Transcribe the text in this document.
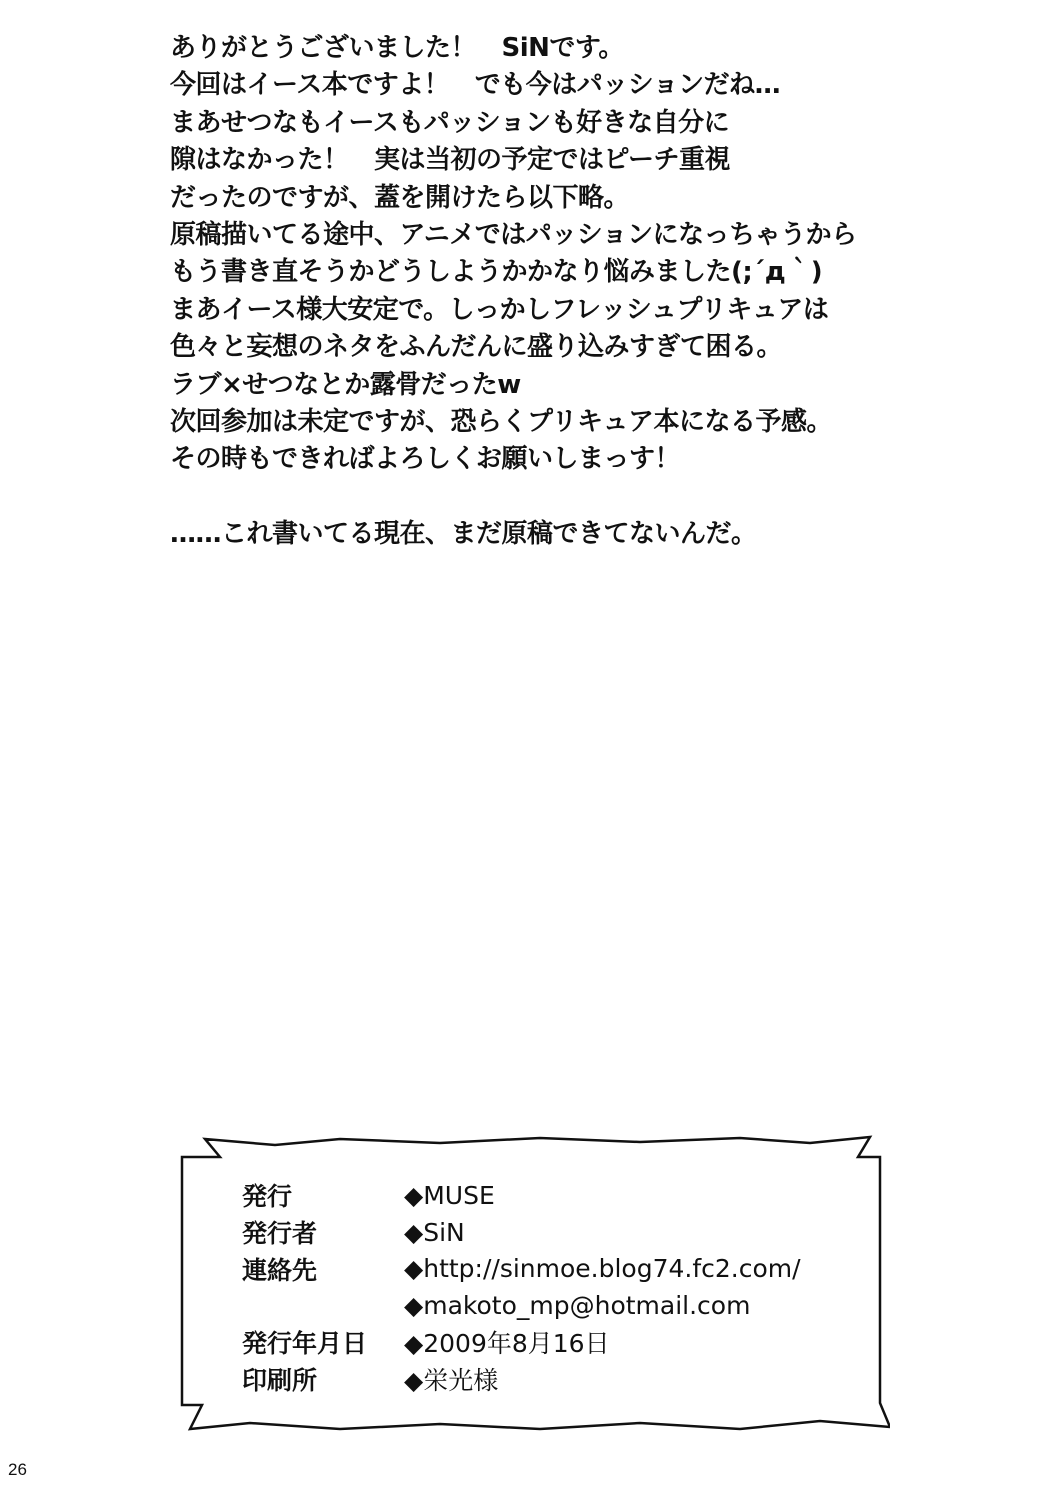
ありがとうございました！　SiNです。
今回はイース本ですよ！　でも今はパッションだね…
まあせつなもイースもパッションも好きな自分に
隙はなかった！　実は当初の予定ではピーチ重視
だったのですが、蓋を開けたら以下略。
原稿描いてる途中、アニメではパッションになっちゃうから
もう書き直そうかどうしようかかなり悩みました(;´д｀)
まあイース様大安定で。しっかしフレッシュプリキュアは
色々と妄想のネタをふんだんに盛り込みすぎて困る。
ラブ×せつなとか露骨だったw
次回参加は未定ですが、恐らくプリキュア本になる予感。
その時もできればよろしくお願いしまっす！
……これ書いてる現在、まだ原稿できてないんだ。
発行	◆MUSE
発行者	◆SiN
連絡先	◆http://sinmoe.blog74.fc2.com/
◆makoto_mp@hotmail.com
発行年月日	◆2009年8月16日
印刷所	◆栄光様
26
